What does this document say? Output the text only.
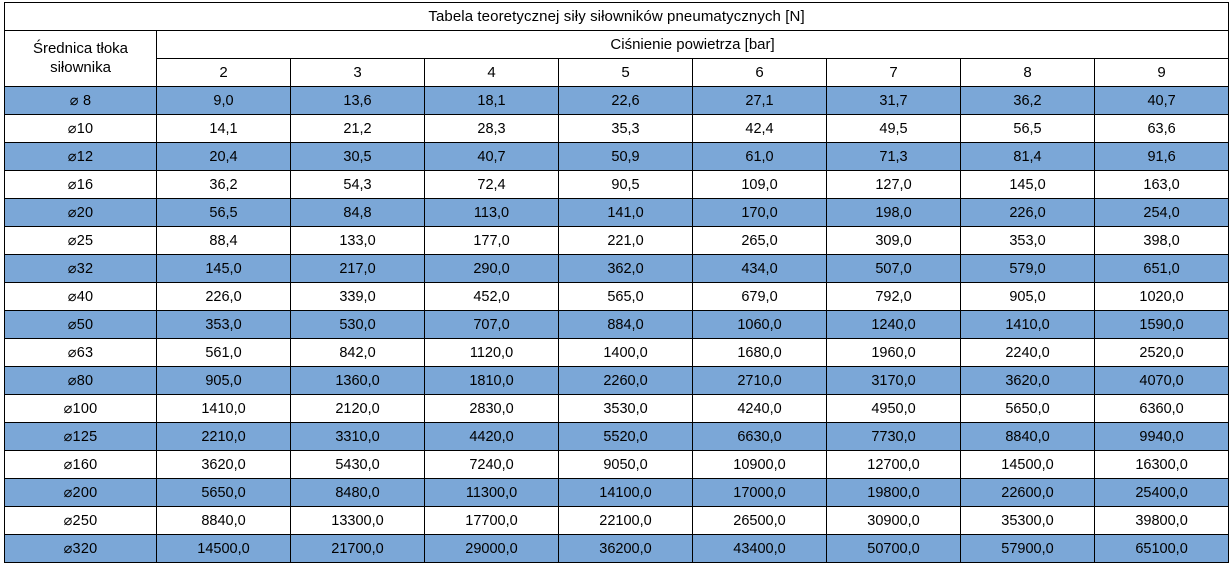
Tabela teoretycznej siły siłowników pneumatycznych [N]								

Średnica tłoka
siłownika	Ciśnienie powietrza [bar]							
	2	3	4	5	6	7	8	9
⌀ 8	9,0	13,6	18,1	22,6	27,1	31,7	36,2	40,7
⌀10	14,1	21,2	28,3	35,3	42,4	49,5	56,5	63,6
⌀12	20,4	30,5	40,7	50,9	61,0	71,3	81,4	91,6
⌀16	36,2	54,3	72,4	90,5	109,0	127,0	145,0	163,0
⌀20	56,5	84,8	113,0	141,0	170,0	198,0	226,0	254,0
⌀25	88,4	133,0	177,0	221,0	265,0	309,0	353,0	398,0
⌀32	145,0	217,0	290,0	362,0	434,0	507,0	579,0	651,0
⌀40	226,0	339,0	452,0	565,0	679,0	792,0	905,0	1020,0
⌀50	353,0	530,0	707,0	884,0	1060,0	1240,0	1410,0	1590,0
⌀63	561,0	842,0	1120,0	1400,0	1680,0	1960,0	2240,0	2520,0
⌀80	905,0	1360,0	1810,0	2260,0	2710,0	3170,0	3620,0	4070,0
⌀100	1410,0	2120,0	2830,0	3530,0	4240,0	4950,0	5650,0	6360,0
⌀125	2210,0	3310,0	4420,0	5520,0	6630,0	7730,0	8840,0	9940,0
⌀160	3620,0	5430,0	7240,0	9050,0	10900,0	12700,0	14500,0	16300,0
⌀200	5650,0	8480,0	11300,0	14100,0	17000,0	19800,0	22600,0	25400,0
⌀250	8840,0	13300,0	17700,0	22100,0	26500,0	30900,0	35300,0	39800,0
⌀320	14500,0	21700,0	29000,0	36200,0	43400,0	50700,0	57900,0	65100,0
